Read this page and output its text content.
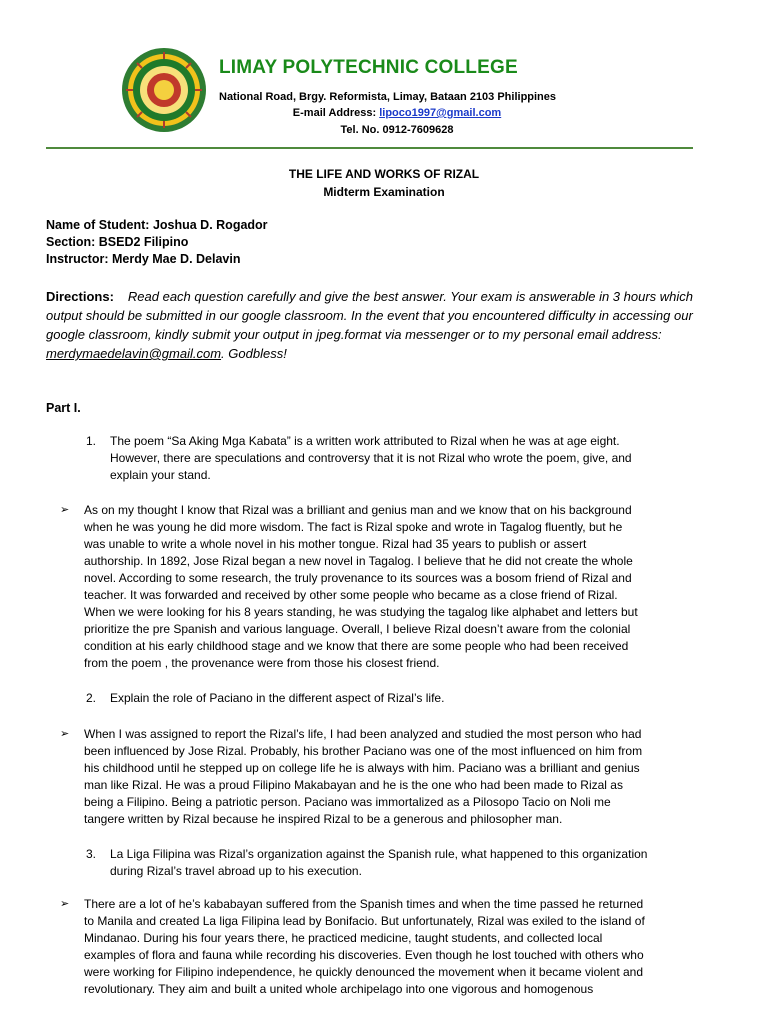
LIMAY POLYTECHNIC COLLEGE
National Road, Brgy. Reformista, Limay, Bataan 2103 Philippines
E-mail Address: lipoco1997@gmail.com
Tel. No. 0912-7609628
THE LIFE AND WORKS OF RIZAL
Midterm Examination
Name of Student: Joshua D. Rogador
Section: BSED2 Filipino
Instructor: Merdy Mae D. Delavin
Directions: Read each question carefully and give the best answer. Your exam is answerable in 3 hours which output should be submitted in our google classroom. In the event that you encountered difficulty in accessing our google classroom, kindly submit your output in jpeg.format via messenger or to my personal email address: merdymaedelavin@gmail.com. Godbless!
Part I.
1. The poem “Sa Aking Mga Kabata” is a written work attributed to Rizal when he was at age eight.
However, there are speculations and controversy that it is not Rizal who wrote the poem, give, and
explain your stand.
➢ As on my thought I know that Rizal was a brilliant and genius man and we know that on his background
when he was young he did more wisdom. The fact is Rizal spoke and wrote in Tagalog fluently, but he
was unable to write a whole novel in his mother tongue. Rizal had 35 years to publish or assert
authorship. In 1892, Jose Rizal began a new novel in Tagalog. I believe that he did not create the whole
novel. According to some research, the truly provenance to its sources was a bosom friend of Rizal and
teacher. It was forwarded and received by other some people who became as a close friend of Rizal.
When we were looking for his 8 years standing, he was studying the tagalog like alphabet and letters but
prioritize the pre Spanish and various language. Overall, I believe Rizal doesn’t aware from the colonial
condition at his early childhood stage and we know that there are some people who had been received
from the poem , the provenance were from those his closest friend.
2. Explain the role of Paciano in the different aspect of Rizal’s life.
➢ When I was assigned to report the Rizal’s life, I had been analyzed and studied the most person who had
been influenced by Jose Rizal. Probably, his brother Paciano was one of the most influenced on him from
his childhood until he stepped up on college life he is always with him. Paciano was a brilliant and genius
man like Rizal. He was a proud Filipino Makabayan and he is the one who had been made to Rizal as
being a Filipino. Being a patriotic person. Paciano was immortalized as a Pilosopo Tacio on Noli me
tangere written by Rizal because he inspired Rizal to be a generous and philosopher man.
3. La Liga Filipina was Rizal’s organization against the Spanish rule, what happened to this organization
during Rizal’s travel abroad up to his execution.
➢ There are a lot of he’s kababayan suffered from the Spanish times and when the time passed he returned
to Manila and created La liga Filipina lead by Bonifacio. But unfortunately, Rizal was exiled to the island of
Mindanao. During his four years there, he practiced medicine, taught students, and collected local
examples of flora and fauna while recording his discoveries. Even though he lost touched with others who
were working for Filipino independence, he quickly denounced the movement when it became violent and
revolutionary. They aim and built a united whole archipelago into one vigorous and homogenous
